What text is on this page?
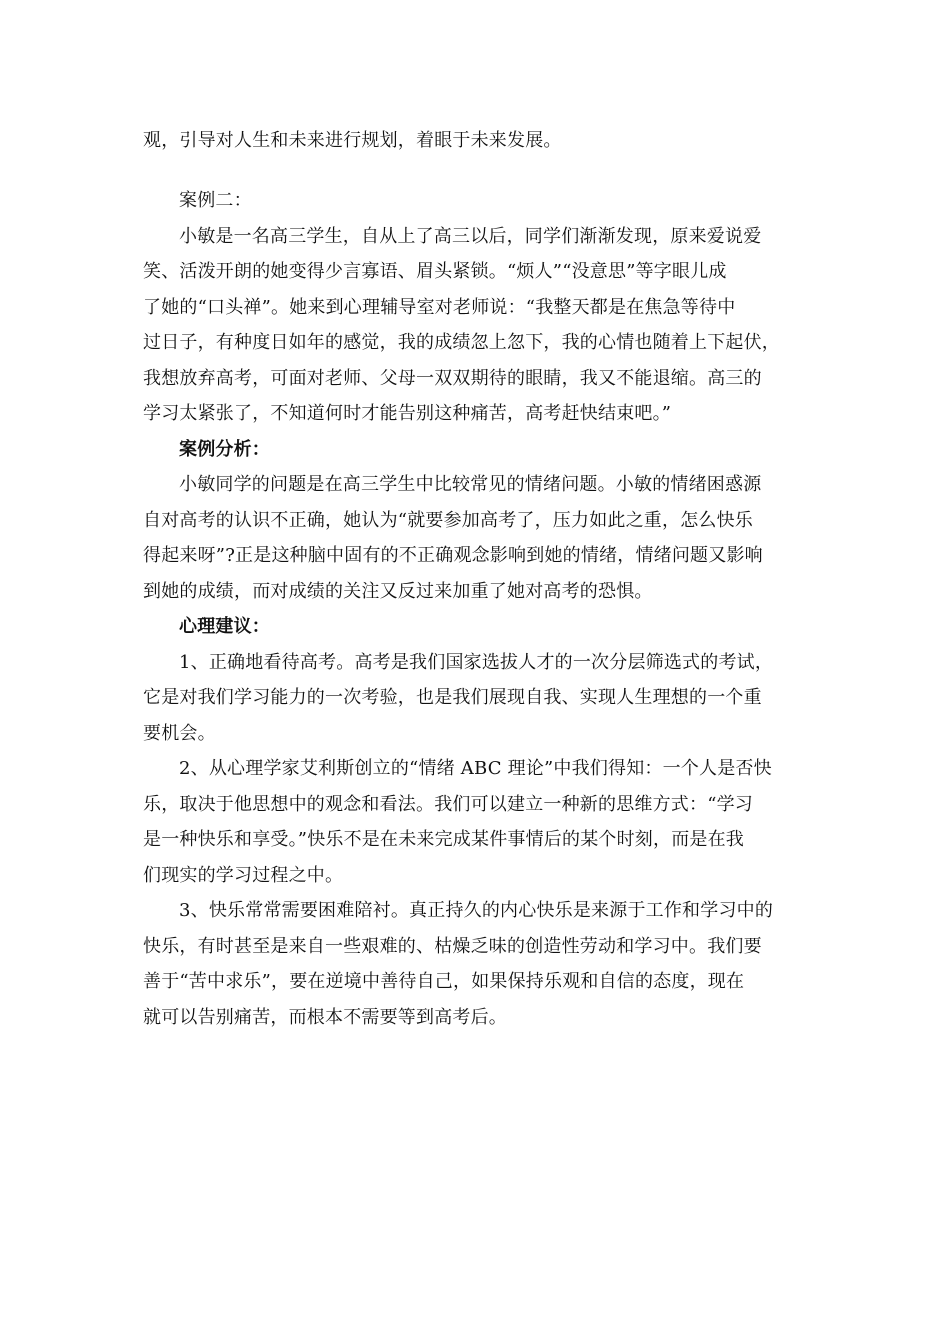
观，引导对人生和未来进行规划，着眼于未来发展。

案例二：

小敏是一名高三学生，自从上了高三以后，同学们渐渐发现，原来爱说爱
笑、活泼开朗的她变得少言寡语、眉头紧锁。“烦人”“没意思”等字眼儿成
了她的“口头禅”。她来到心理辅导室对老师说：“我整天都是在焦急等待中
过日子，有种度日如年的感觉，我的成绩忽上忽下，我的心情也随着上下起伏，
我想放弃高考，可面对老师、父母一双双期待的眼睛，我又不能退缩。高三的
学习太紧张了，不知道何时才能告别这种痛苦，高考赶快结束吧。”

案例分析：

小敏同学的问题是在高三学生中比较常见的情绪问题。小敏的情绪困惑源
自对高考的认识不正确，她认为“就要参加高考了，压力如此之重，怎么快乐
得起来呀”?正是这种脑中固有的不正确观念影响到她的情绪，情绪问题又影响
到她的成绩，而对成绩的关注又反过来加重了她对高考的恐惧。

心理建议：

1、正确地看待高考。高考是我们国家选拔人才的一次分层筛选式的考试，
它是对我们学习能力的一次考验，也是我们展现自我、实现人生理想的一个重
要机会。

2、从心理学家艾利斯创立的“情绪 ABC 理论”中我们得知：一个人是否快
乐，取决于他思想中的观念和看法。我们可以建立一种新的思维方式：“学习
是一种快乐和享受。”快乐不是在未来完成某件事情后的某个时刻，而是在我
们现实的学习过程之中。

3、快乐常常需要困难陪衬。真正持久的内心快乐是来源于工作和学习中的
快乐，有时甚至是来自一些艰难的、枯燥乏味的创造性劳动和学习中。我们要
善于“苦中求乐”，要在逆境中善待自己，如果保持乐观和自信的态度，现在
就可以告别痛苦，而根本不需要等到高考后。
